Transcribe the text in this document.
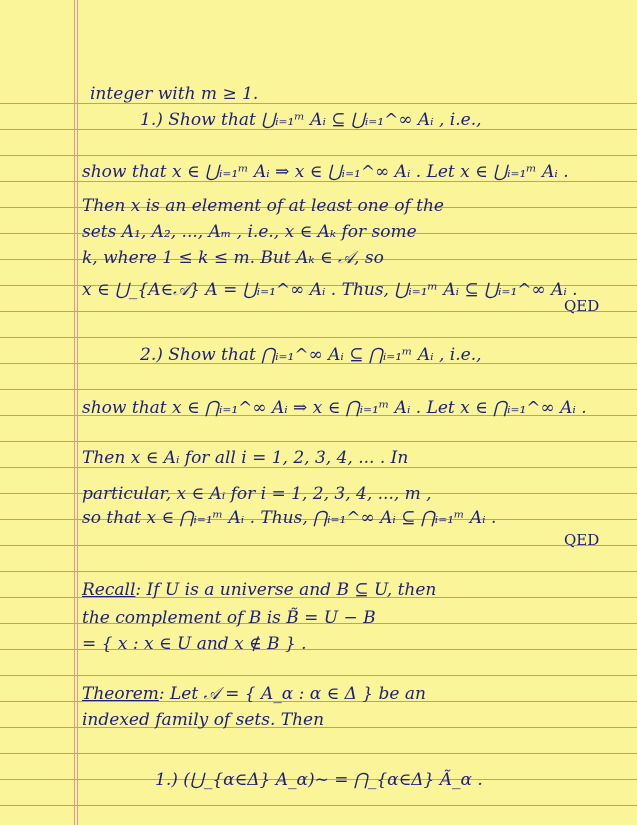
integer with m ≥ 1.
1.) Show that ⋃ᵢ₌₁ᵐ Aᵢ ⊆ ⋃ᵢ₌₁^∞ Aᵢ , i.e.,
show that x ∈ ⋃ᵢ₌₁ᵐ Aᵢ ⇒ x ∈ ⋃ᵢ₌₁^∞ Aᵢ . Let x ∈ ⋃ᵢ₌₁ᵐ Aᵢ .
Then x is an element of at least one of the
sets A₁, A₂, ..., Aₘ , i.e., x ∈ Aₖ for some
k, where 1 ≤ k ≤ m. But Aₖ ∈ 𝒜, so
x ∈ ⋃_{A∈𝒜} A = ⋃ᵢ₌₁^∞ Aᵢ . Thus, ⋃ᵢ₌₁ᵐ Aᵢ ⊆ ⋃ᵢ₌₁^∞ Aᵢ .
QED
2.) Show that ⋂ᵢ₌₁^∞ Aᵢ ⊆ ⋂ᵢ₌₁ᵐ Aᵢ , i.e.,
show that x ∈ ⋂ᵢ₌₁^∞ Aᵢ ⇒ x ∈ ⋂ᵢ₌₁ᵐ Aᵢ . Let x ∈ ⋂ᵢ₌₁^∞ Aᵢ .
Then x ∈ Aᵢ for all i = 1, 2, 3, 4, ... . In
particular, x ∈ Aᵢ for i = 1, 2, 3, 4, ..., m ,
so that x ∈ ⋂ᵢ₌₁ᵐ Aᵢ . Thus, ⋂ᵢ₌₁^∞ Aᵢ ⊆ ⋂ᵢ₌₁ᵐ Aᵢ .
QED
Recall: If U is a universe and B ⊆ U, then
the complement of B is B̃ = U − B
= { x : x ∈ U and x ∉ B } .
Theorem: Let 𝒜 = { A_α : α ∈ Δ } be an
indexed family of sets. Then
1.) (⋃_{α∈Δ} A_α)~ = ⋂_{α∈Δ} Ã_α .
